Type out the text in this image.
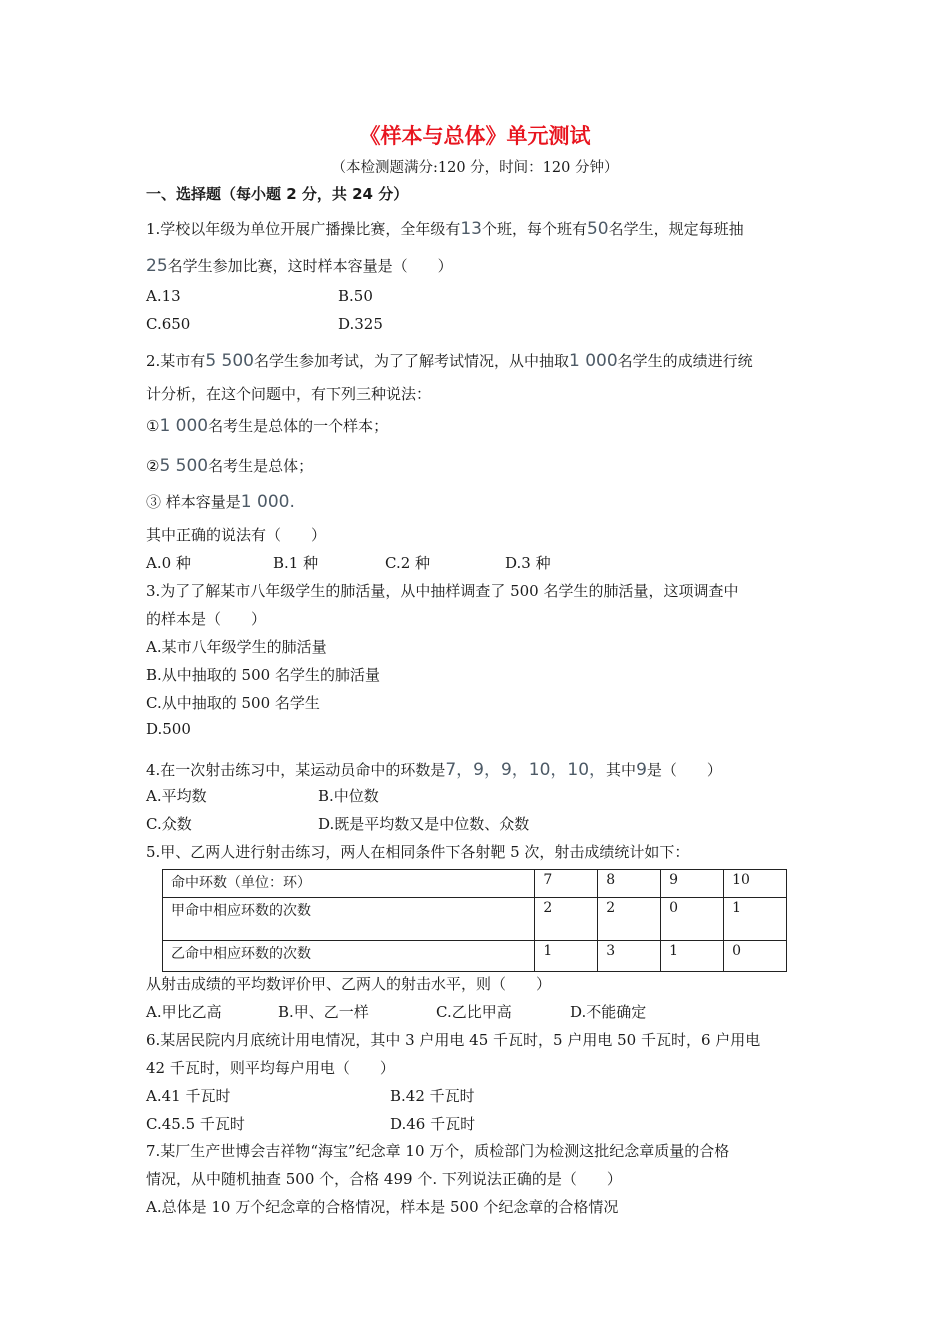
《样本与总体》单元测试
（本检测题满分:120 分，时间：120 分钟）
一、选择题（每小题 2 分，共 24 分）
1.学校以年级为单位开展广播操比赛，全年级有13个班，每个班有50名学生，规定每班抽
25名学生参加比赛，这时样本容量是（　　）
A.13	B.50
C.650	D.325
2.某市有5 500名学生参加考试，为了了解考试情况，从中抽取1 000名学生的成绩进行统
计分析，在这个问题中，有下列三种说法：
①1 000名考生是总体的一个样本；
②5 500名考生是总体；
③ 样本容量是1 000.
其中正确的说法有（　　）
A.0 种	B.1 种	C.2 种	D.3 种
3.为了了解某市八年级学生的肺活量，从中抽样调查了 500 名学生的肺活量，这项调查中
的样本是（　　）
A.某市八年级学生的肺活量
B.从中抽取的 500 名学生的肺活量
C.从中抽取的 500 名学生
D.500
4.在一次射击练习中，某运动员命中的环数是7，9，9，10，10，其中9是（　　）
A.平均数	B.中位数
C.众数	D.既是平均数又是中位数、众数
5.甲、乙两人进行射击练习，两人在相同条件下各射靶 5 次，射击成绩统计如下：
命中环数（单位：环）	7	8	9	10
甲命中相应环数的次数	2	2	0	1
乙命中相应环数的次数	1	3	1	0
从射击成绩的平均数评价甲、乙两人的射击水平，则（　　）
A.甲比乙高	B.甲、乙一样	C.乙比甲高	D.不能确定
6.某居民院内月底统计用电情况，其中 3 户用电 45 千瓦时，5 户用电 50 千瓦时，6 户用电
42 千瓦时，则平均每户用电（　　）
A.41 千瓦时	B.42 千瓦时
C.45.5 千瓦时	D.46 千瓦时
7.某厂生产世博会吉祥物“海宝”纪念章 10 万个，质检部门为检测这批纪念章质量的合格
情况，从中随机抽查 500 个，合格 499 个. 下列说法正确的是（　　）
A.总体是 10 万个纪念章的合格情况，样本是 500 个纪念章的合格情况
